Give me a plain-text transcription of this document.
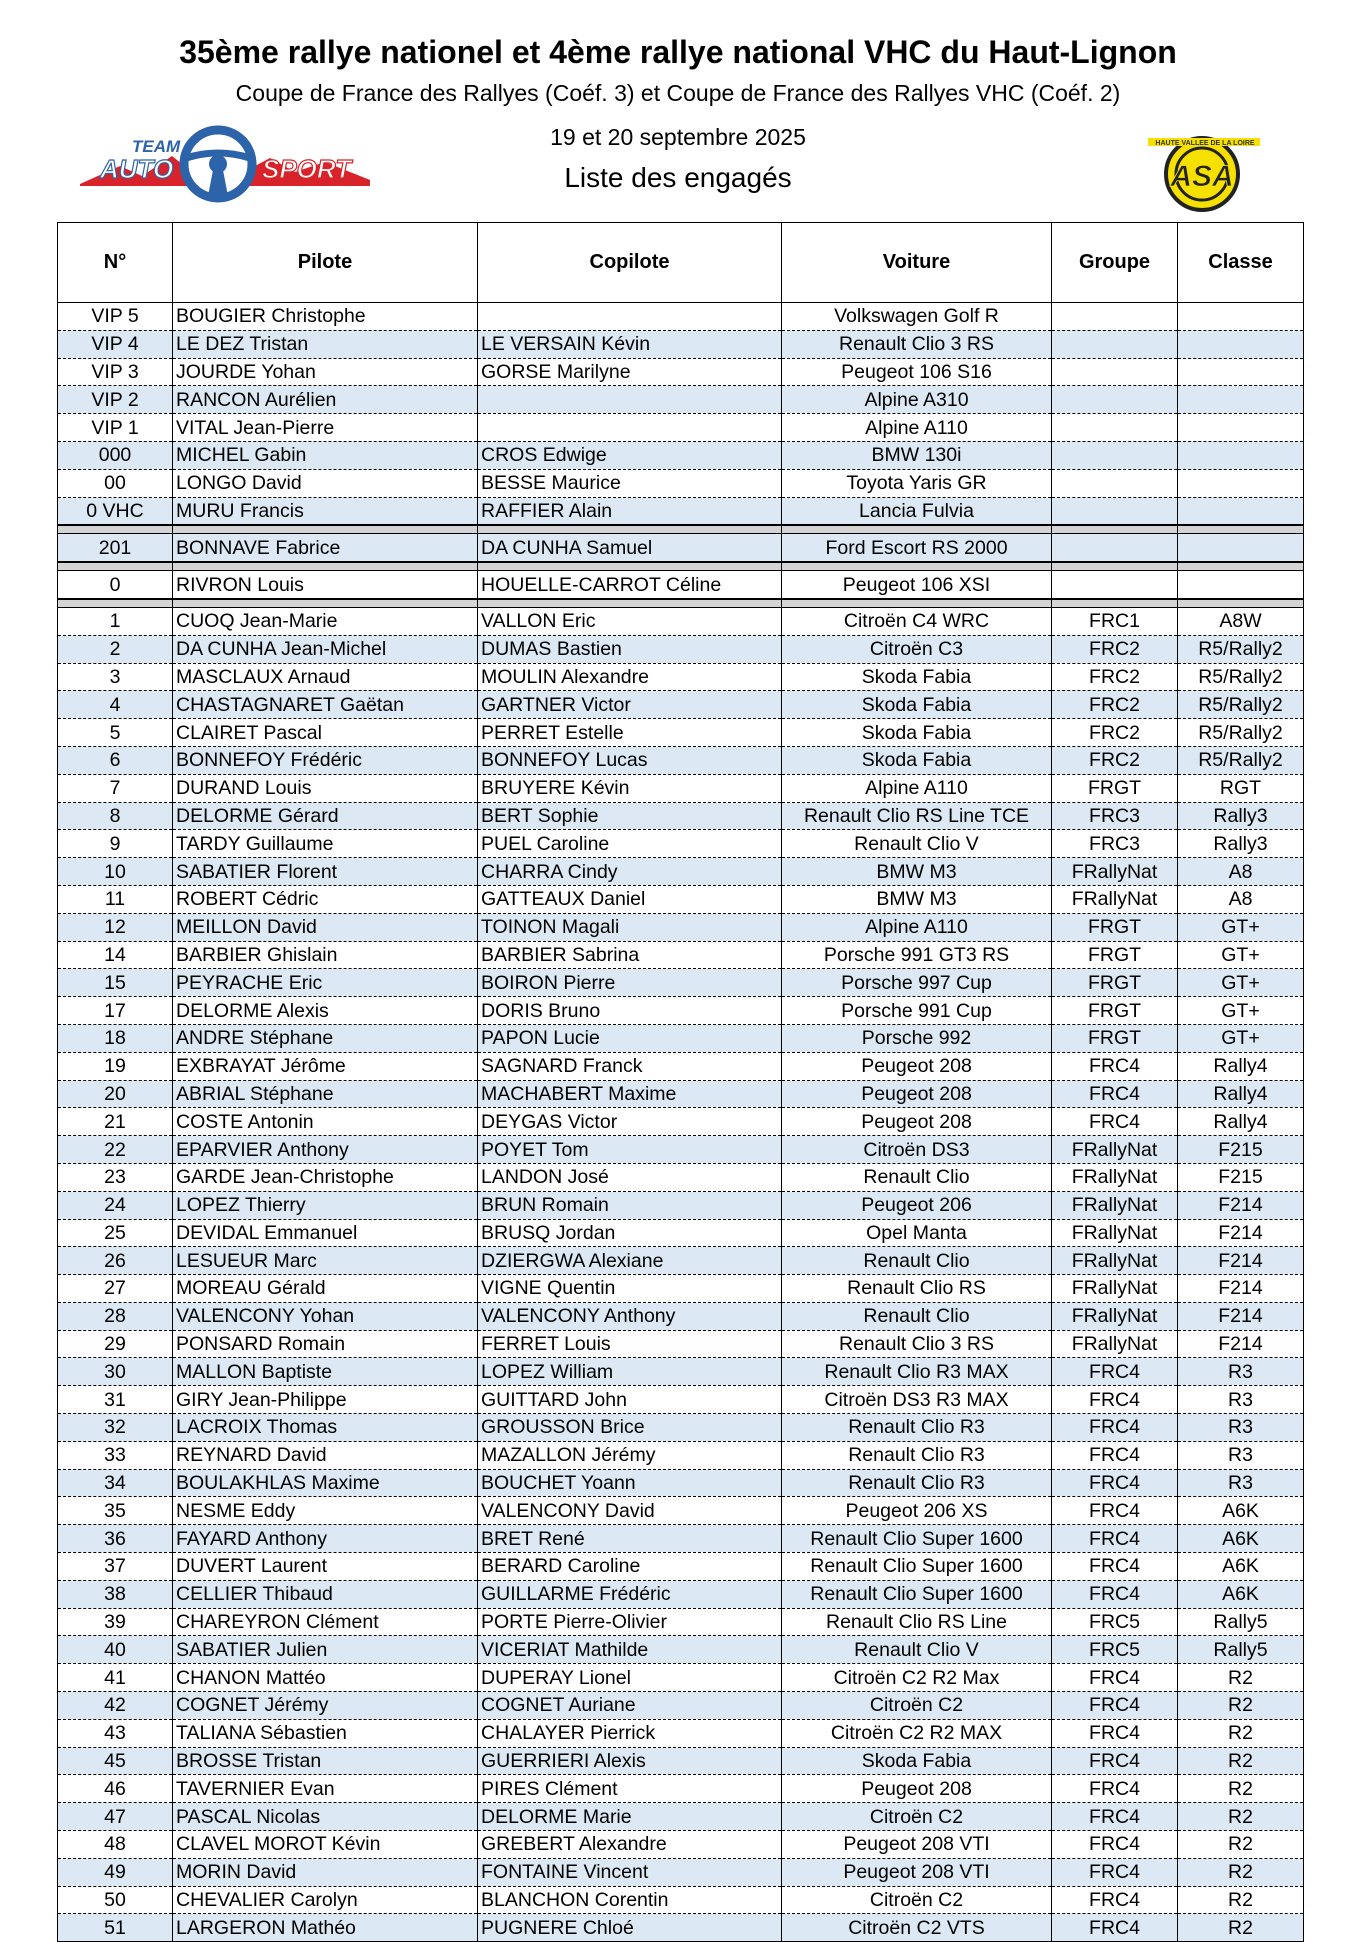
35ème rallye nationel et 4ème rallye national VHC du Haut-Lignon
Coupe de France des Rallyes (Coéf. 3) et Coupe de France des Rallyes VHC (Coéf. 2)
19 et 20 septembre 2025
Liste des engagés
TEAM
AUTO	SPORT
HAUTE VALLEE DE LA LOIRE
ASA
N°	Pilote	Copilote	Voiture	Groupe	Classe
VIP 5	BOUGIER Christophe		Volkswagen Golf R		
VIP 4	LE DEZ Tristan	LE VERSAIN Kévin	Renault Clio 3 RS		
VIP 3	JOURDE Yohan	GORSE Marilyne	Peugeot 106 S16		
VIP 2	RANCON Aurélien		Alpine A310		
VIP 1	VITAL Jean-Pierre		Alpine A110		
000	MICHEL Gabin	CROS Edwige	BMW 130i		
00	LONGO David	BESSE Maurice	Toyota Yaris GR		
0 VHC	MURU Francis	RAFFIER Alain	Lancia Fulvia		

201	BONNAVE Fabrice	DA CUNHA Samuel	Ford Escort RS 2000		

0	RIVRON Louis	HOUELLE-CARROT Céline	Peugeot 106 XSI		

1	CUOQ Jean-Marie	VALLON Eric	Citroën C4 WRC	FRC1	A8W
2	DA CUNHA Jean-Michel	DUMAS Bastien	Citroën C3	FRC2	R5/Rally2
3	MASCLAUX Arnaud	MOULIN Alexandre	Skoda Fabia	FRC2	R5/Rally2
4	CHASTAGNARET Gaëtan	GARTNER Victor	Skoda Fabia	FRC2	R5/Rally2
5	CLAIRET Pascal	PERRET Estelle	Skoda Fabia	FRC2	R5/Rally2
6	BONNEFOY Frédéric	BONNEFOY Lucas	Skoda Fabia	FRC2	R5/Rally2
7	DURAND Louis	BRUYERE Kévin	Alpine A110	FRGT	RGT
8	DELORME Gérard	BERT Sophie	Renault Clio RS Line TCE	FRC3	Rally3
9	TARDY Guillaume	PUEL Caroline	Renault Clio V	FRC3	Rally3
10	SABATIER Florent	CHARRA Cindy	BMW M3	FRallyNat	A8
11	ROBERT Cédric	GATTEAUX Daniel	BMW M3	FRallyNat	A8
12	MEILLON David	TOINON Magali	Alpine A110	FRGT	GT+
14	BARBIER Ghislain	BARBIER Sabrina	Porsche 991 GT3 RS	FRGT	GT+
15	PEYRACHE Eric	BOIRON Pierre	Porsche 997 Cup	FRGT	GT+
17	DELORME Alexis	DORIS Bruno	Porsche 991 Cup	FRGT	GT+
18	ANDRE Stéphane	PAPON Lucie	Porsche 992	FRGT	GT+
19	EXBRAYAT Jérôme	SAGNARD Franck	Peugeot 208	FRC4	Rally4
20	ABRIAL Stéphane	MACHABERT Maxime	Peugeot 208	FRC4	Rally4
21	COSTE Antonin	DEYGAS Victor	Peugeot 208	FRC4	Rally4
22	EPARVIER Anthony	POYET Tom	Citroën DS3	FRallyNat	F215
23	GARDE Jean-Christophe	LANDON José	Renault Clio	FRallyNat	F215
24	LOPEZ Thierry	BRUN Romain	Peugeot 206	FRallyNat	F214
25	DEVIDAL Emmanuel	BRUSQ Jordan	Opel Manta	FRallyNat	F214
26	LESUEUR Marc	DZIERGWA Alexiane	Renault Clio	FRallyNat	F214
27	MOREAU Gérald	VIGNE Quentin	Renault Clio RS	FRallyNat	F214
28	VALENCONY Yohan	VALENCONY Anthony	Renault Clio	FRallyNat	F214
29	PONSARD Romain	FERRET Louis	Renault Clio 3 RS	FRallyNat	F214
30	MALLON Baptiste	LOPEZ William	Renault Clio R3 MAX	FRC4	R3
31	GIRY Jean-Philippe	GUITTARD John	Citroën DS3 R3 MAX	FRC4	R3
32	LACROIX Thomas	GROUSSON Brice	Renault Clio R3	FRC4	R3
33	REYNARD David	MAZALLON Jérémy	Renault Clio R3	FRC4	R3
34	BOULAKHLAS Maxime	BOUCHET Yoann	Renault Clio R3	FRC4	R3
35	NESME Eddy	VALENCONY David	Peugeot 206 XS	FRC4	A6K
36	FAYARD Anthony	BRET René	Renault Clio Super 1600	FRC4	A6K
37	DUVERT Laurent	BERARD Caroline	Renault Clio Super 1600	FRC4	A6K
38	CELLIER Thibaud	GUILLARME Frédéric	Renault Clio Super 1600	FRC4	A6K
39	CHAREYRON Clément	PORTE Pierre-Olivier	Renault Clio RS Line	FRC5	Rally5
40	SABATIER Julien	VICERIAT Mathilde	Renault Clio V	FRC5	Rally5
41	CHANON Mattéo	DUPERAY Lionel	Citroën C2 R2 Max	FRC4	R2
42	COGNET Jérémy	COGNET Auriane	Citroën C2	FRC4	R2
43	TALIANA Sébastien	CHALAYER Pierrick	Citroën C2 R2 MAX	FRC4	R2
45	BROSSE Tristan	GUERRIERI Alexis	Skoda Fabia	FRC4	R2
46	TAVERNIER Evan	PIRES Clément	Peugeot 208	FRC4	R2
47	PASCAL Nicolas	DELORME Marie	Citroën C2	FRC4	R2
48	CLAVEL MOROT Kévin	GREBERT Alexandre	Peugeot 208 VTI	FRC4	R2
49	MORIN David	FONTAINE Vincent	Peugeot 208 VTI	FRC4	R2
50	CHEVALIER Carolyn	BLANCHON Corentin	Citroën C2	FRC4	R2
51	LARGERON Mathéo	PUGNERE Chloé	Citroën C2 VTS	FRC4	R2
